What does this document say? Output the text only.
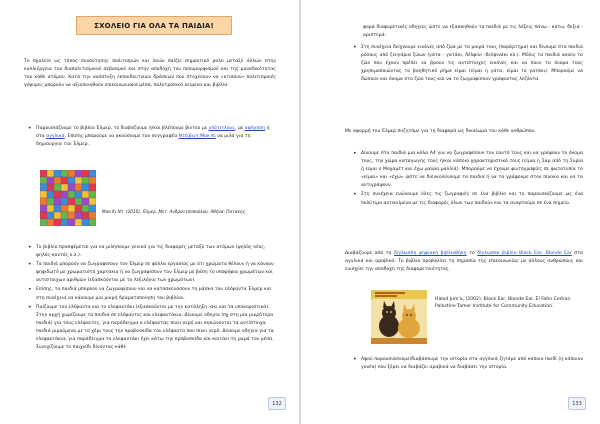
ΣΧΟΛΕΙΟ ΓΙΑ ΟΛΑ ΤΑ ΠΑΙΔΙΑ!
Το σχολείο ως τόπος συνάντησης πολιτισμών και λαών παίζει σημαντικό ρολο μεταξύ άλλων στην καλλιέργεια του διαπολιτισμικού σεβασμού και στην αποδοχή του πολυμορφισμού και της μοναδικότητας του κάθε ατόμου. Κατά την ανάπτυξη εκπαιδευτικών δράσεων που στοχεύουν να «κτίσουν» πολιτισμικές γέφυρες μπορούν να αξιοποιηθούν επικοινωνιακά μέσα, πολυτροπικά κείμενα και βιβλία.
• Παρουσιάζουμε το βιβλίο Έλμερ, το διαβάζουμε ή/και βλέπουμε βίντεο με υπότιτλους, με αφήγηση ή στα αγγλικά. Επίσης μπορούμε να ακούσουμε τον συγγραφέα Ντέιβιντ Μακ Κι να μιλά για τη δημιουργία του Έλμερ.
Μακ Κι Ντ. (2010). Έλμερ. Μετ. Ανδρουτσοπούλου. Αθήνα: Πατάκης.
• Το βιβλίο προσφέρεται για να μιλήσουμε γενικά για τις διαφορές μεταξύ των ατόμων (ψηλός-νέος, ψηλός-κοντός κ.λ.).
• Τα παιδιά μπορούν να ζωγραφίσουν τον Έλμερ σε φύλλα εργασίας με ότι χρώματα θέλουν ή να κάνουν ψηφιδωτό με χρωματιστά χαρτάκια ή να ζωγραφίσουν τον Έλμερ με βάση το υποψήφια χρωμάτων και αντίστοιχων αριθμών (εξασκούνται με το λεξιλόγιο των χρωμάτων).
• Επίσης, τα παιδιά μπορούν να ζωγραφίσουν και να κατασκευάσουν τη μάσκα του ελέφαντα Έλμερ και στη συνέχεια να κάνουμε μια μικρή δραματοποίηση του βιβλίου.
• Παίζουμε τον ελέφαντα και το ελεφαντάκι (εξασκούνται με την κατάληξη -άκι και τα υποκοριστικά). Στην αρχή χωρίζουμε τα παιδιά σε ελέφαντες και ελεφαντάκια. Δίνουμε οδηγία (πχ στη μία μικρότερα παιδιά) για τους ελέφαντες, για παράδειγμα ο ελέφαντας πίνει νερό και σηκώνονται τα αντίστοιχα παιδιά μιμούμενα με το χέρι τους την προβοσκίδα του ελέφαντα που πίνει νερό. Δίνουμε οδηγία για τα ελεφαντάκια, για παράδειγμα το ελεφαντάκι έχει κάτω την προβοσκίδα και κοιτάει τη μαμά του μέσα. Συνεχίζουμε το παιχνίδι δίνοντας κάθε
132
φορά διαφορετικές οδηγίες ώστε να εξασκηθούν τα παιδιά με τις λέξεις πάνω - κάτω, δεξιά - αριστερά.
• Στη συνέχεια δείχνουμε εικόνες από ζώα με τα μικρά τους (παράρτημα) και δίνουμε στα παιδιά ρόλους από ζευγάρια ζώων (γάτα - γατάκι, δέλφίνι -δελφινάκι κλ.). Μόλις τα παιδιά ακούν το ζώο που έχουν πρέπει να βρουν τις αντίστοιχες εικόνες και να πουν το όνομα τους χρησιμοποιώντας το βοηθητικό ρήμα είμαι (είμαι η γάτα, είμαι το γατάκι). Μπορούμε να δώσουν και όνομα στο ζώο τους και να το ζωγραφίσουν γράφοντας λεζάντα.
Με αφορμή τον Έλμερ συζητάμε για τη διαφορά ως δικαίωμα του κάθε ανθρώπου.
• Δίνουμε στα παιδιά μια κόλα Α4 για να ζωγραφίσουν τον εαυτό τους και να γράψουν το όνομα τους, την χώρα καταγωγής τους ή/και κάποιο χαρακτηριστικό τους (είμαι η Σαμ από τη Συρία ή είμαι ο Μοχαμέτ και έχω μαύρα μαλλιά). Μπορούμε να έχουμε φωτογραφίες σε φωτοτυπία το «είμαι» και «έχω» ώστε να διευκολύνουμε τα παιδιά ή να τα γράψουμε στον πίνακα και να τα αντιγράψουν.
• Στη συνέχεια ενώνουμε όλες τις ζωγραφιές σε ένα βιβλίο και το παρουσιάζουμε ως ένα πολύτιμο αντικείμενο με τις διαφορές όλων των παιδιών και τα αναρτούμε σε ένα σημείο.
Διαβάζουμε από τη δίγλωσση ψηφιακή βιβλιοθήκη το δίγλωσσο βιβλίο Black Ear, Blonde Ear στα αγγλικά και αραβικά. Το βιβλίο προβάλλει τη σημασία της επικοινωνίας με άλλους ανθρώπους και ενισχύει την αποδοχή της διαφορετικότητας.
Haled Jum'a, (2002). Black Ear, Blonde Ear. El Fatin Cedras: Palestine Tamer Institute for Community Education.
• Αφού παρουσιάσουμε/διαβάσουμε την ιστορία στα αγγλικά ζητάμε από κάποιο παιδί (ή κάποιον γονέα) που ξέρει να διαβάζει αραβικά να διαβάσει την ιστορία.
133
